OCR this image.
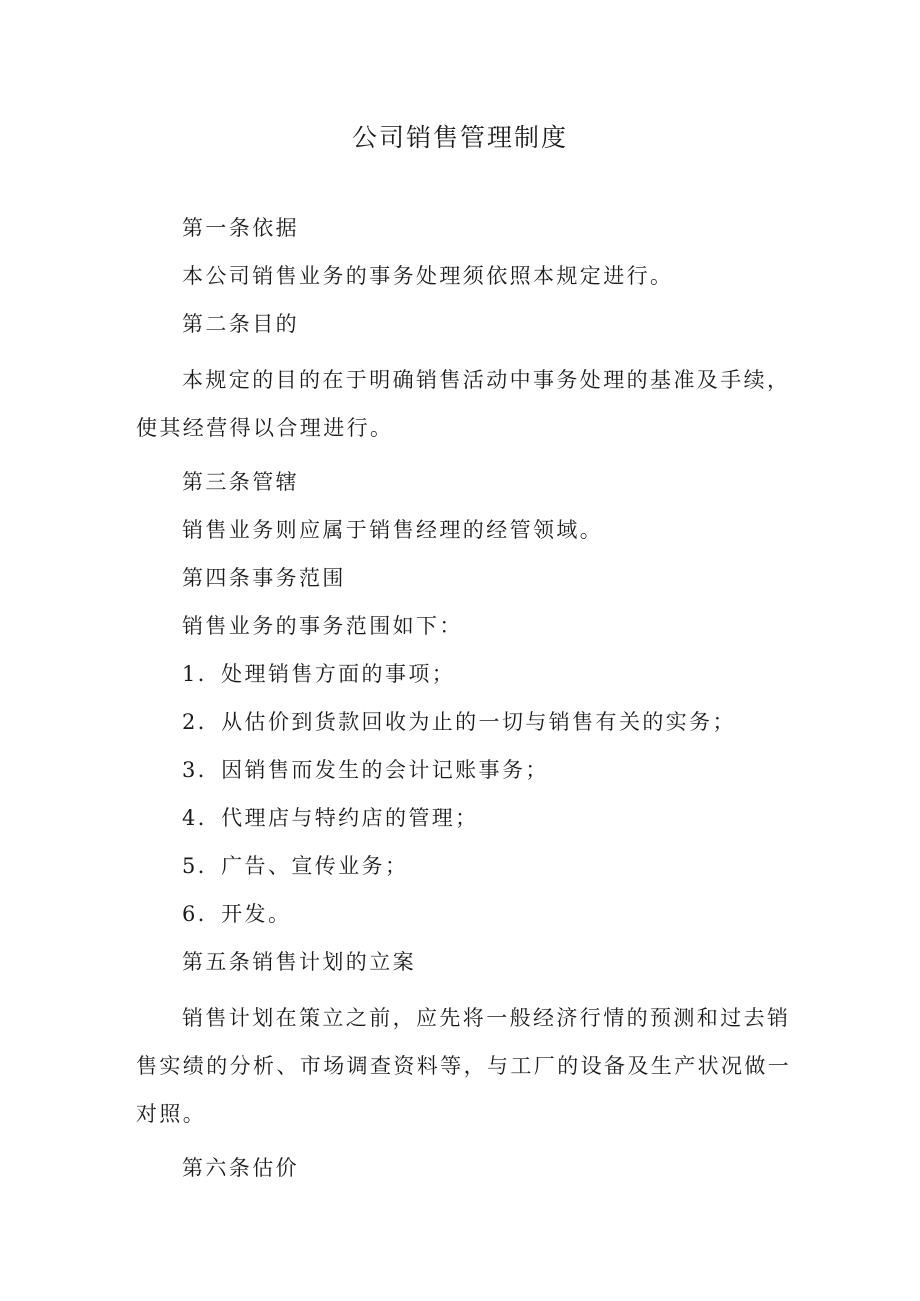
公司销售管理制度

第一条依据

本公司销售业务的事务处理须依照本规定进行。

第二条目的

本规定的目的在于明确销售活动中事务处理的基准及手续，使其经营得以合理进行。

第三条管辖

销售业务则应属于销售经理的经管领域。

第四条事务范围

销售业务的事务范围如下：

1．处理销售方面的事项；

2．从估价到货款回收为止的一切与销售有关的实务；

3．因销售而发生的会计记账事务；

4．代理店与特约店的管理；

5．广告、宣传业务；

6．开发。

第五条销售计划的立案

销售计划在策立之前，应先将一般经济行情的预测和过去销售实绩的分析、市场调查资料等，与工厂的设备及生产状况做一对照。

第六条估价
